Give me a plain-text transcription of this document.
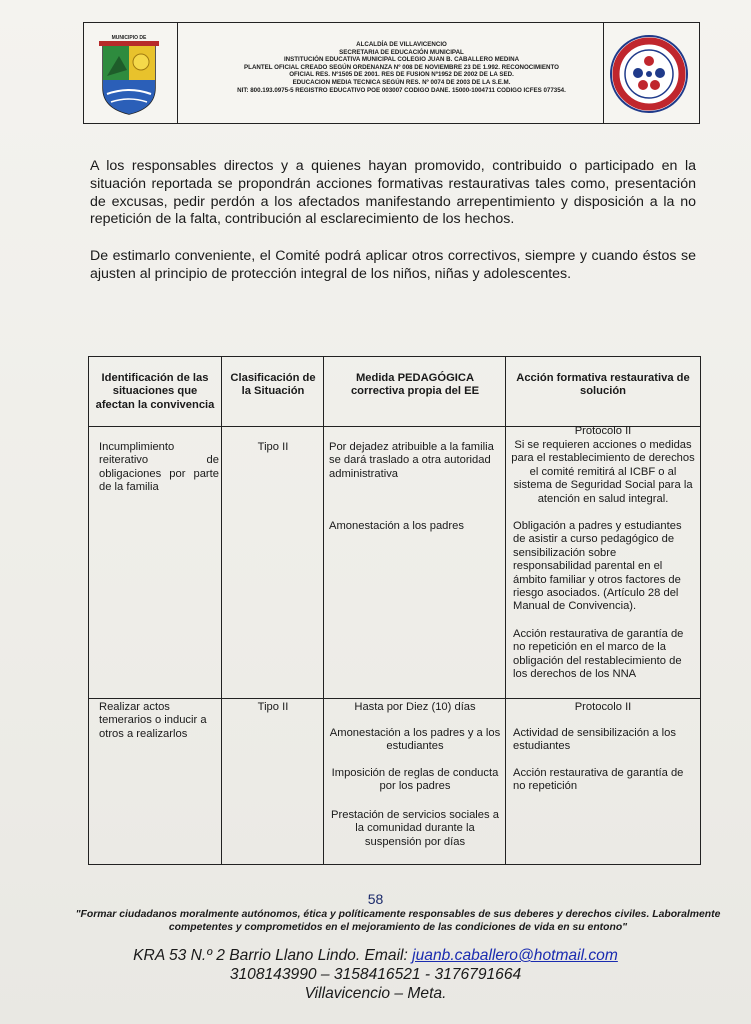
MUNICIPIO DE
ALCALDÍA DE VILLAVICENCIO
SECRETARIA DE EDUCACIÓN MUNICIPAL
INSTITUCIÓN EDUCATIVA MUNICIPAL COLEGIO JUAN B. CABALLERO MEDINA
PLANTEL OFICIAL CREADO SEGÚN ORDENANZA Nº 008 DE NOVIEMBRE 23 DE 1.992. RECONOCIMIENTO
OFICIAL RES. Nº1505 DE 2001. RES DE FUSION Nº1952 DE 2002 DE LA SED.
EDUCACION MEDIA TECNICA SEGÚN RES. Nº 0074 DE 2003 DE LA S.E.M.
NIT: 800.193.0975-5 REGISTRO EDUCATIVO POE 003007 CODIGO DANE. 15000-1004711 CODIGO ICFES 077354.
A los responsables directos y a quienes hayan promovido, contribuido o participado en la situación reportada se propondrán acciones formativas restaurativas tales como, presentación de excusas, pedir perdón a los afectados manifestando arrepentimiento y disposición a la no repetición de la falta, contribución al esclarecimiento de los hechos.
De estimarlo conveniente, el Comité podrá aplicar otros correctivos, siempre y cuando éstos se ajusten al principio de protección integral de los niños, niñas y adolescentes.
Identificación de las situaciones que afectan la convivencia
Clasificación de la Situación
Medida PEDAGÓGICA correctiva propia del EE
Acción formativa restaurativa de solución
Incumplimiento reiterativo de obligaciones por parte de la familia
Tipo II	Por dejadez atribuible a la familia se dará traslado a otra autoridad administrativa
Amonestación a los padres
Protocolo II
Si se requieren acciones o medidas para el restablecimiento de derechos el comité remitirá al ICBF o al sistema de Seguridad Social para la atención en salud integral.
Obligación a padres y estudiantes de asistir a curso pedagógico de sensibilización sobre responsabilidad parental en el ámbito familiar y otros factores de riesgo asociados. (Artículo 28 del Manual de Convivencia).
Acción restaurativa de garantía de no repetición en el marco de la obligación del restablecimiento de los derechos de los NNA
Realizar actos temerarios o inducir a otros a realizarlos
Tipo II	Hasta por Diez (10) días
Amonestación a los padres y a los estudiantes
Imposición de reglas de conducta por los padres
Prestación de servicios sociales a la comunidad durante la suspensión por días
Protocolo II
Actividad de sensibilización a los estudiantes
Acción restaurativa de garantía de no repetición
58
"Formar ciudadanos moralmente autónomos, ética y políticamente responsables de sus deberes y derechos civiles. Laboralmente competentes y comprometidos en el mejoramiento de las condiciones de vida en su entono"
KRA 53 N.º 2 Barrio Llano Lindo. Email: juanb.caballero@hotmail.com
3108143990 – 3158416521 - 3176791664
Villavicencio – Meta.
